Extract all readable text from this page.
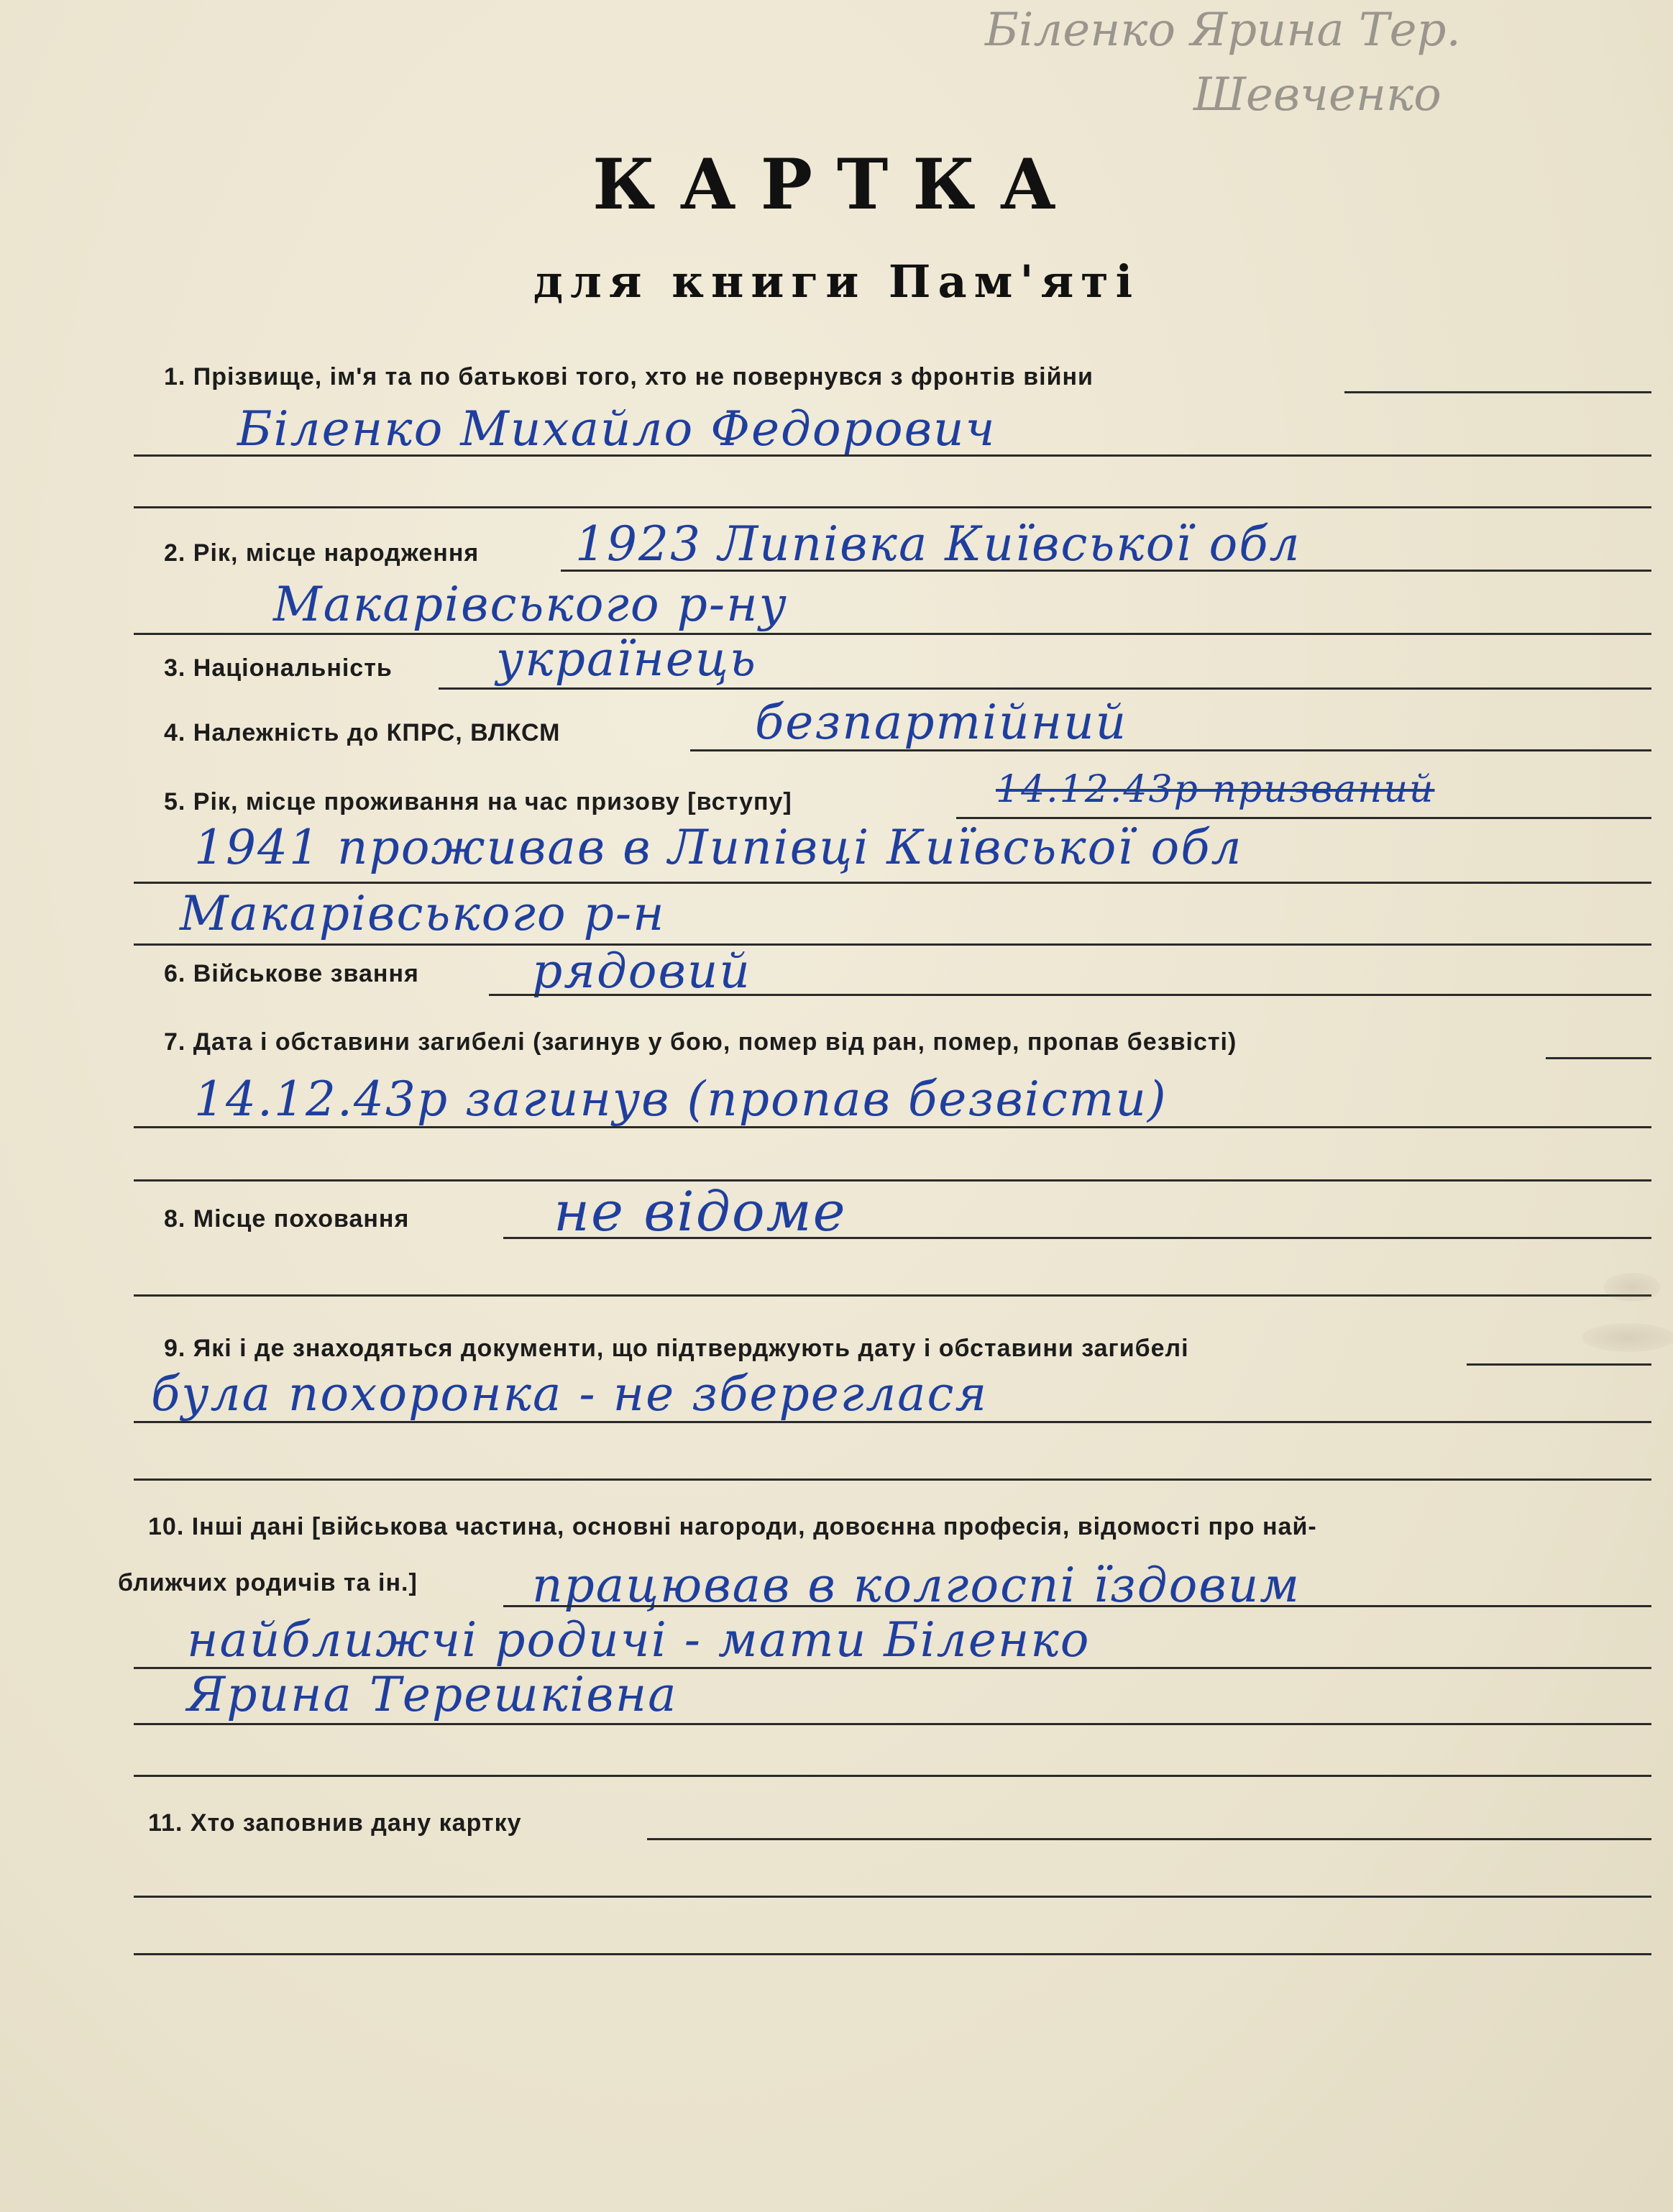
Біленко Ярина Тер.
Шевченко
КАРТКА
для книги Пам'яті
1. Прізвище, ім'я та по батькові того, хто не повернувся з фронтів війни
Біленко Михайло Федорович
2. Рік, місце народження 1923 Липівка Київської обл
Макарівського р-ну
3. Національність українець
4. Належність до КПРС, ВЛКСМ	безпартійний
5. Рік, місце проживання на час призову [вступу]	14.12.43р призваний
1941 проживав в Липівці Київської обл
Макарівського р-н
6. Військове звання рядовий
7. Дата і обставини загибелі (загинув у бою, помер від ран, помер, пропав безвісті)
14.12.43р загинув (пропав безвісти)
8. Місце поховання	не відоме
9. Які і де знаходяться документи, що підтверджують дату і обставини загибелі
була похоронка - не збереглася
10. Інші дані [військова частина, основні нагороди, довоєнна професія, відомості про най-
ближчих родичів та ін.] працював в колгоспі їздовим
найближчі родичі - мати Біленко
Ярина Терешківна
11. Хто заповнив дану картку
